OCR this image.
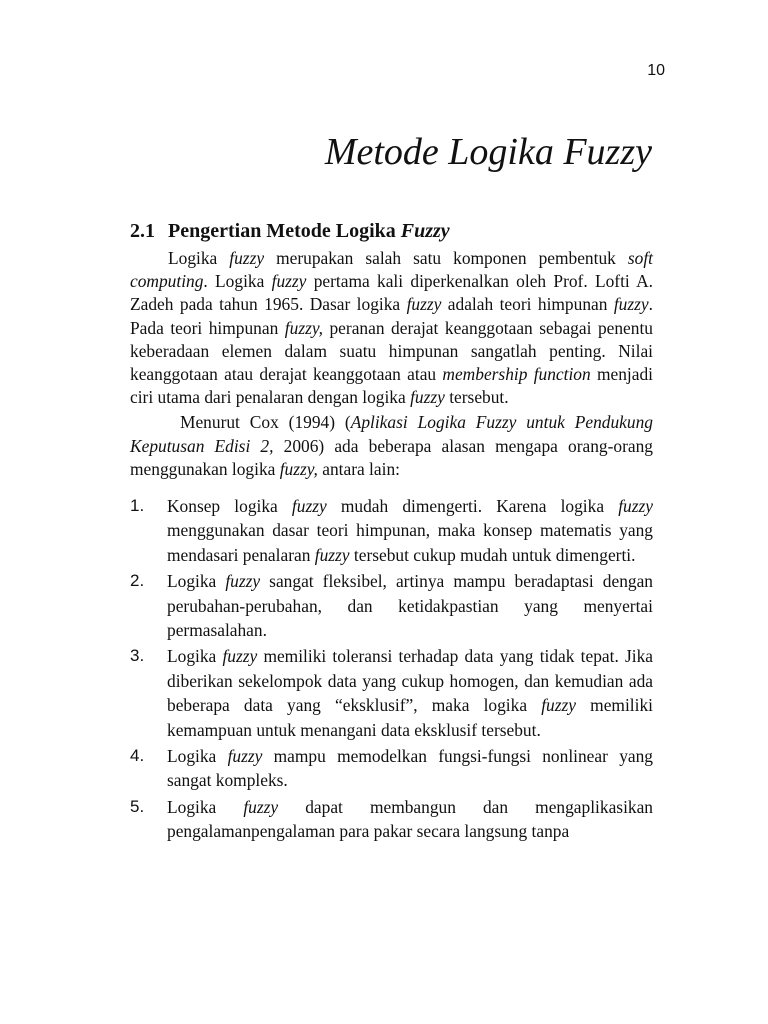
10
Metode Logika Fuzzy
2.1 Pengertian Metode Logika Fuzzy

Logika fuzzy merupakan salah satu komponen pembentuk soft computing. Logika fuzzy pertama kali diperkenalkan oleh Prof. Lofti A. Zadeh pada tahun 1965. Dasar logika fuzzy adalah teori himpunan fuzzy. Pada teori himpunan fuzzy, peranan derajat keanggotaan sebagai penentu keberadaan elemen dalam suatu himpunan sangatlah penting. Nilai keanggotaan atau derajat keanggotaan atau membership function menjadi ciri utama dari penalaran dengan logika fuzzy tersebut.

Menurut Cox (1994) (Aplikasi Logika Fuzzy untuk Pendukung Keputusan Edisi 2, 2006) ada beberapa alasan mengapa orang-orang menggunakan logika fuzzy, antara lain:

1. Konsep logika fuzzy mudah dimengerti. Karena logika fuzzy menggunakan dasar teori himpunan, maka konsep matematis yang mendasari penalaran fuzzy tersebut cukup mudah untuk dimengerti.
2. Logika fuzzy sangat fleksibel, artinya mampu beradaptasi dengan perubahan-perubahan, dan ketidakpastian yang menyertai permasalahan.
3. Logika fuzzy memiliki toleransi terhadap data yang tidak tepat. Jika diberikan sekelompok data yang cukup homogen, dan kemudian ada beberapa data yang “eksklusif”, maka logika fuzzy memiliki kemampuan untuk menangani data eksklusif tersebut.
4. Logika fuzzy mampu memodelkan fungsi-fungsi nonlinear yang sangat kompleks.
5. Logika fuzzy dapat membangun dan mengaplikasikan pengalamanpengalaman para pakar secara langsung tanpa
